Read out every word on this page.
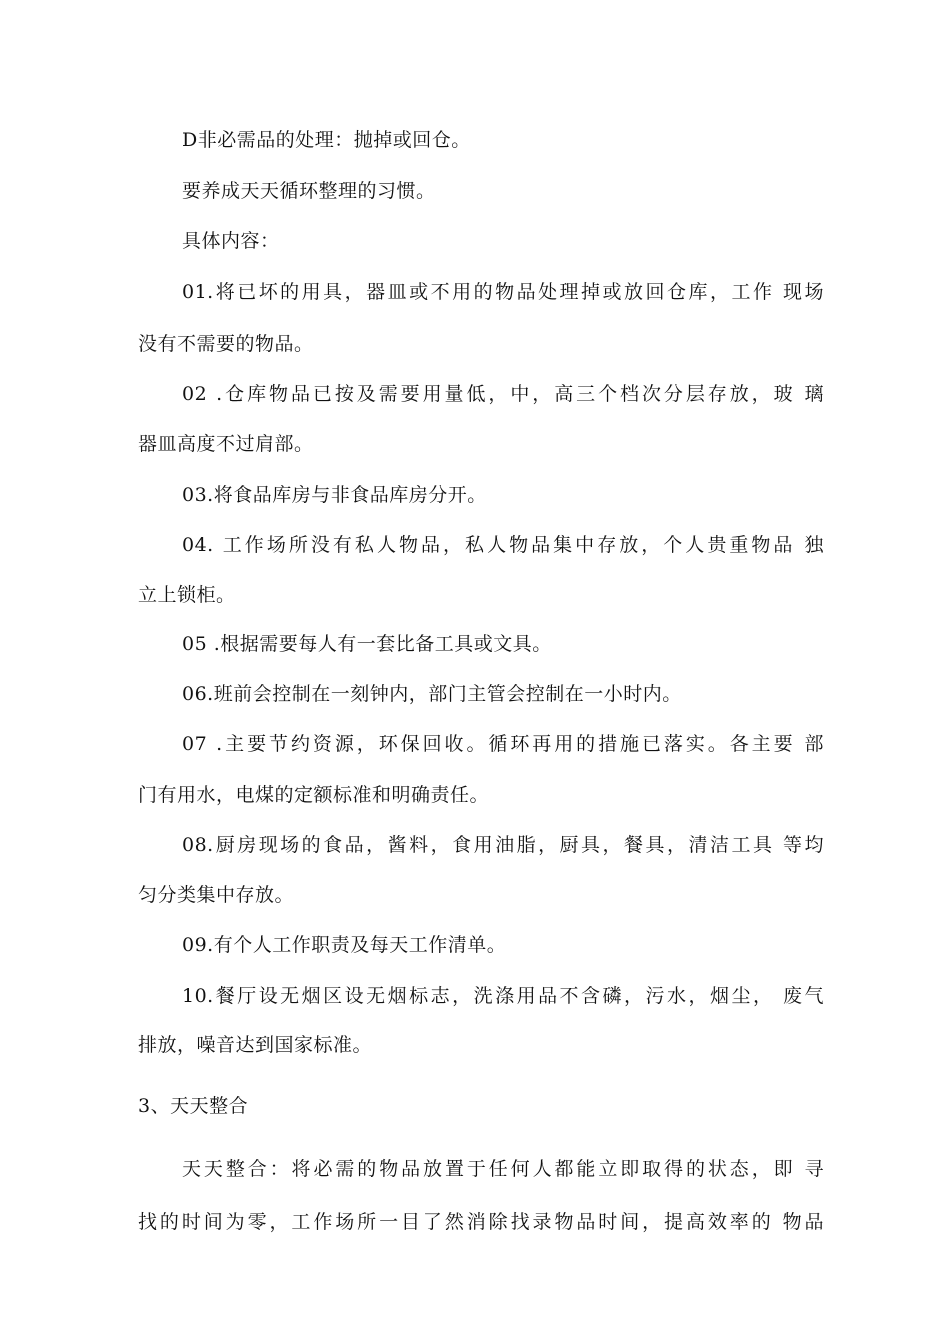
D非必需品的处理：抛掉或回仓。
要养成天天循环整理的习惯。
具体内容：
01.将已坏的用具，器皿或不用的物品处理掉或放回仓库，工作 现场
没有不需要的物品。
02 .仓库物品已按及需要用量低，中，高三个档次分层存放，玻 璃
器皿高度不过肩部。
03.将食品库房与非食品库房分开。
04. 工作场所没有私人物品，私人物品集中存放，个人贵重物品 独
立上锁柜。
05 .根据需要每人有一套比备工具或文具。
06.班前会控制在一刻钟内，部门主管会控制在一小时内。
07 .主要节约资源，环保回收。循环再用的措施已落实。各主要 部
门有用水，电煤的定额标准和明确责任。
08.厨房现场的食品，酱料，食用油脂，厨具，餐具，清洁工具 等均
匀分类集中存放。
09.有个人工作职责及每天工作清单。
10.餐厅设无烟区设无烟标志，洗涤用品不含磷，污水，烟尘， 废气
排放，噪音达到国家标准。
3、天天整合
天天整合：将必需的物品放置于任何人都能立即取得的状态，即 寻
找的时间为零，工作场所一目了然消除找录物品时间，提高效率的 物品
